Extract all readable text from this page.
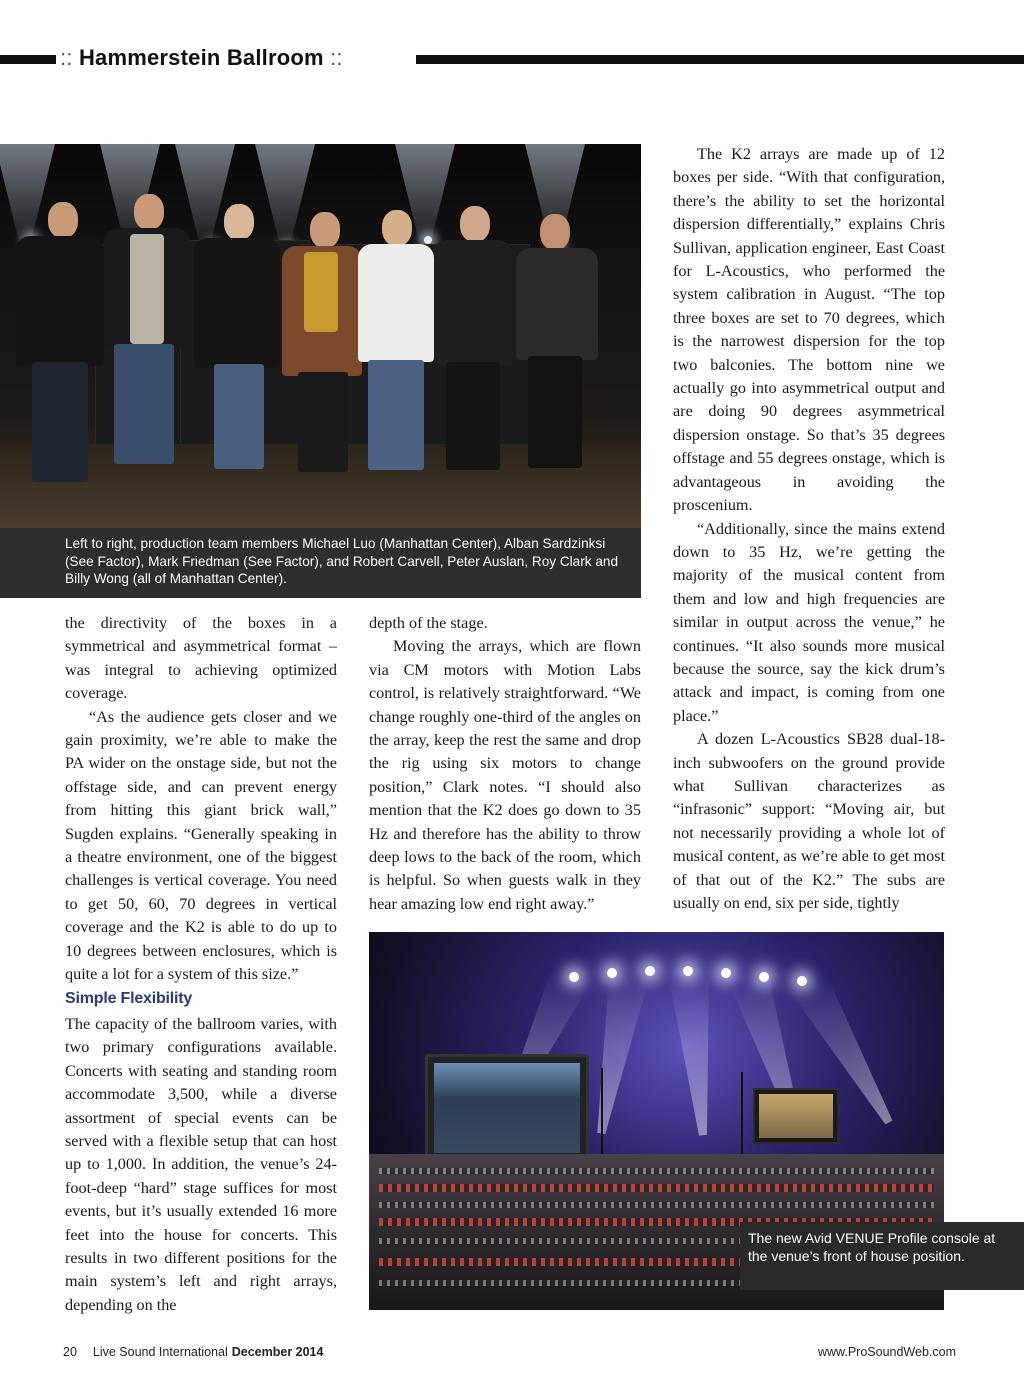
:: Hammerstein Ballroom ::
Left to right, production team members Michael Luo (Manhattan Center), Alban Sardzinksi (See Factor), Mark Friedman (See Factor), and Robert Carvell, Peter Auslan, Roy Clark and Billy Wong (all of Manhattan Center).

the directivity of the boxes in a symmetrical and asymmetrical format – was integral to achieving optimized coverage.

“As the audience gets closer and we gain proximity, we’re able to make the PA wider on the onstage side, but not the offstage side, and can prevent energy from hitting this giant brick wall,” Sugden explains. “Generally speaking in a theatre environment, one of the biggest challenges is vertical coverage. You need to get 50, 60, 70 degrees in vertical coverage and the K2 is able to do up to 10 degrees between enclosures, which is quite a lot for a system of this size.”

Simple Flexibility

The capacity of the ballroom varies, with two primary configurations available. Concerts with seating and standing room accommodate 3,500, while a diverse assortment of special events can be served with a flexible setup that can host up to 1,000. In addition, the venue’s 24-foot-deep “hard” stage suffices for most events, but it’s usually extended 16 more feet into the house for concerts. This results in two different positions for the main system’s left and right arrays, depending on the

depth of the stage.

Moving the arrays, which are flown via CM motors with Motion Labs control, is relatively straightforward. “We change roughly one-third of the angles on the array, keep the rest the same and drop the rig using six motors to change position,” Clark notes. “I should also mention that the K2 does go down to 35 Hz and therefore has the ability to throw deep lows to the back of the room, which is helpful. So when guests walk in they hear amazing low end right away.”

The K2 arrays are made up of 12 boxes per side. “With that configuration, there’s the ability to set the horizontal dispersion differentially,” explains Chris Sullivan, application engineer, East Coast for L-Acoustics, who performed the system calibration in August. “The top three boxes are set to 70 degrees, which is the narrowest dispersion for the top two balconies. The bottom nine we actually go into asymmetrical output and are doing 90 degrees asymmetrical dispersion onstage. So that’s 35 degrees offstage and 55 degrees onstage, which is advantageous in avoiding the proscenium.

“Additionally, since the mains extend down to 35 Hz, we’re getting the majority of the musical content from them and low and high frequencies are similar in output across the venue,” he continues. “It also sounds more musical because the source, say the kick drum’s attack and impact, is coming from one place.”

A dozen L-Acoustics SB28 dual-18-inch subwoofers on the ground provide what Sullivan characterizes as “infrasonic” support: “Moving air, but not necessarily providing a whole lot of musical content, as we’re able to get most of that out of the K2.” The subs are usually on end, six per side, tightly

The new Avid VENUE Profile console at the venue’s front of house position.
20 Live Sound International December 2014	www.ProSoundWeb.com
